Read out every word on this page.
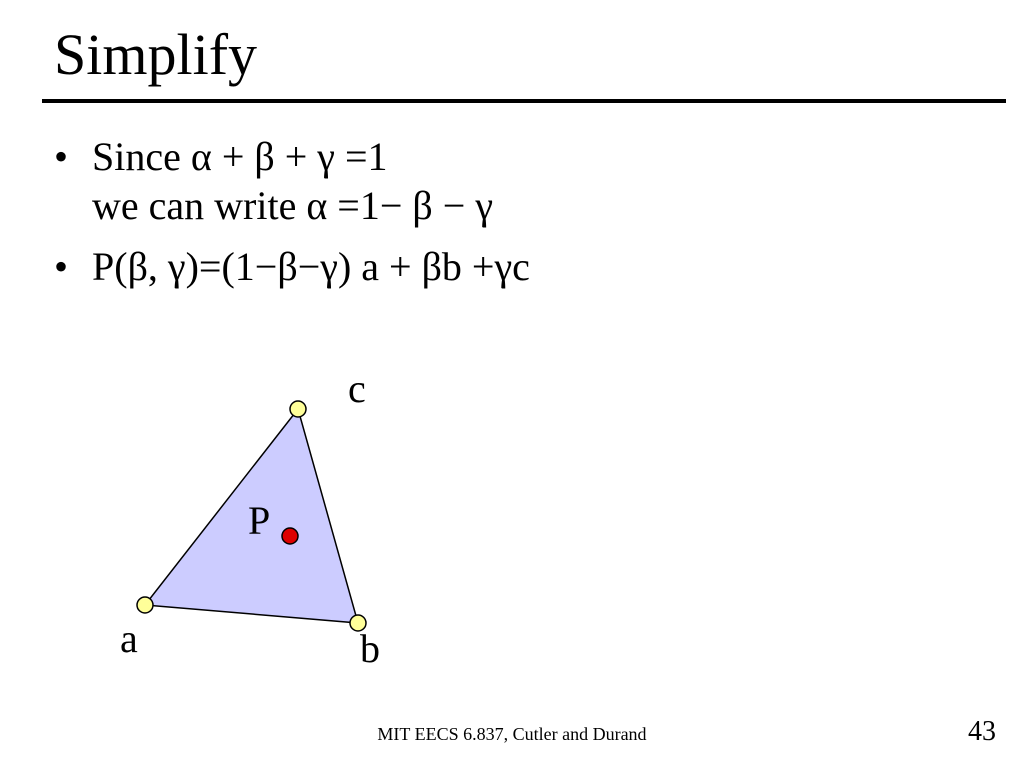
Simplify
• Since α + β + γ =1
we can write α =1− β − γ
• P(β, γ)=(1−β−γ) a + βb +γc
a	b
c
P
MIT EECS 6.837, Cutler and Durand	43
